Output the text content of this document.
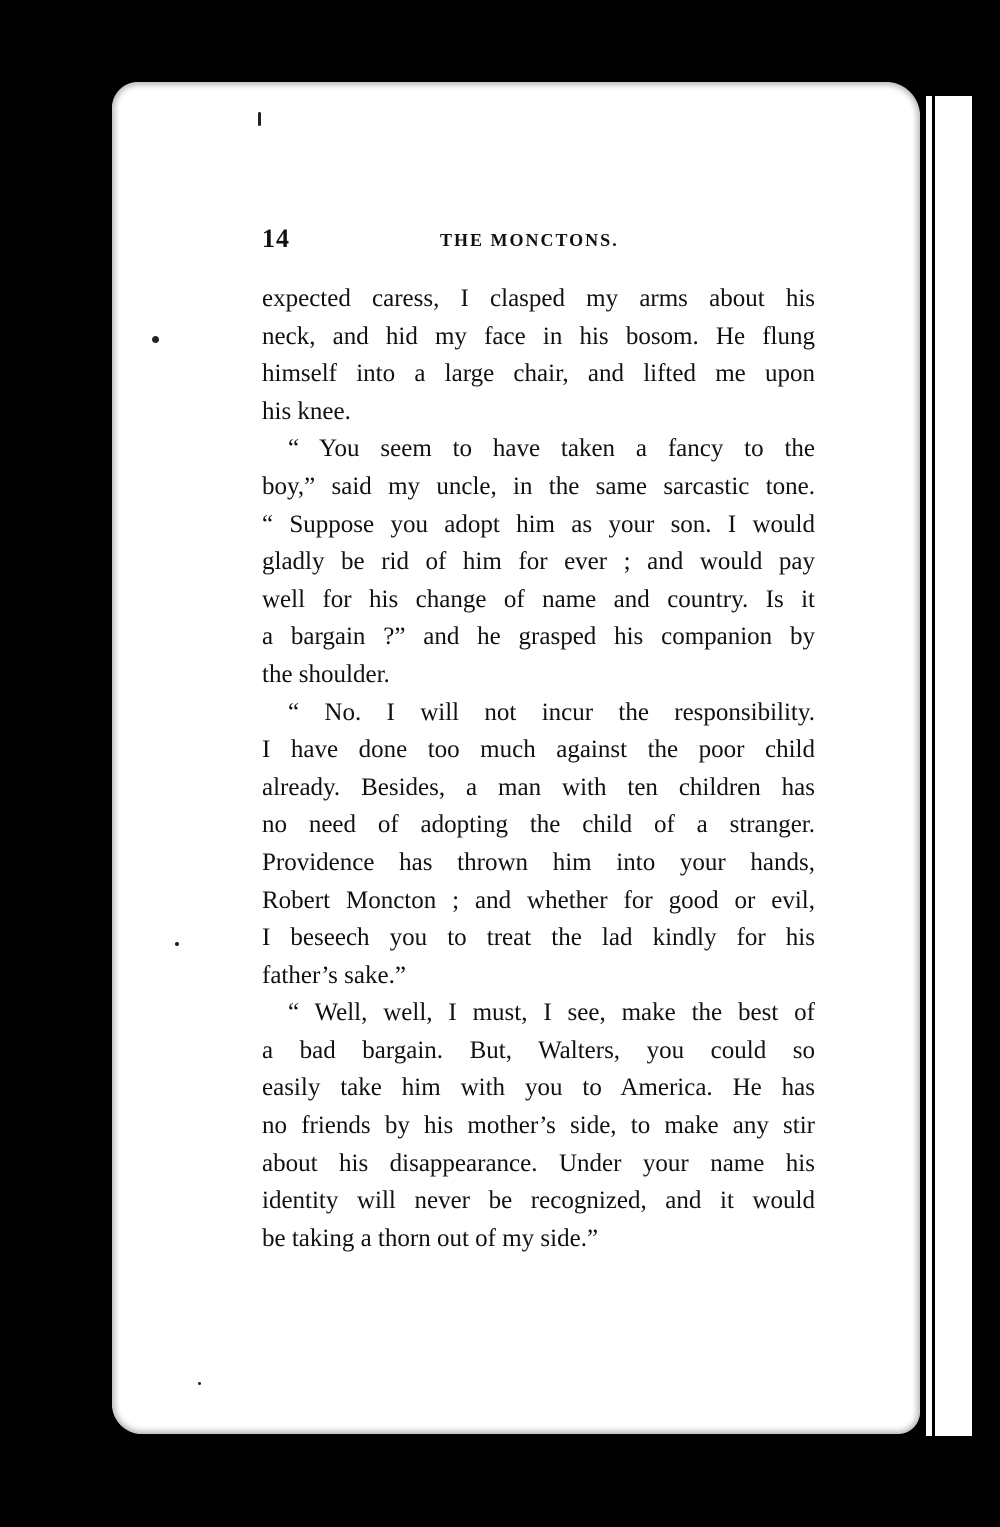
14	THE MONCTONS.
expected caress, I clasped my arms about his
neck, and hid my face in his bosom. He flung
himself into a large chair, and lifted me upon
his knee.
“ You seem to have taken a fancy to the
boy,” said my uncle, in the same sarcastic tone.
“ Suppose you adopt him as your son. I would
gladly be rid of him for ever ; and would pay
well for his change of name and country. Is it
a bargain ?” and he grasped his companion by
the shoulder.
“ No. I will not incur the responsibility.
I have done too much against the poor child
already. Besides, a man with ten children has
no need of adopting the child of a stranger.
Providence has thrown him into your hands,
Robert Moncton ; and whether for good or evil,
I beseech you to treat the lad kindly for his
father’s sake.”
“ Well, well, I must, I see, make the best of
a bad bargain. But, Walters, you could so
easily take him with you to America. He has
no friends by his mother’s side, to make any stir
about his disappearance. Under your name his
identity will never be recognized, and it would
be taking a thorn out of my side.”
